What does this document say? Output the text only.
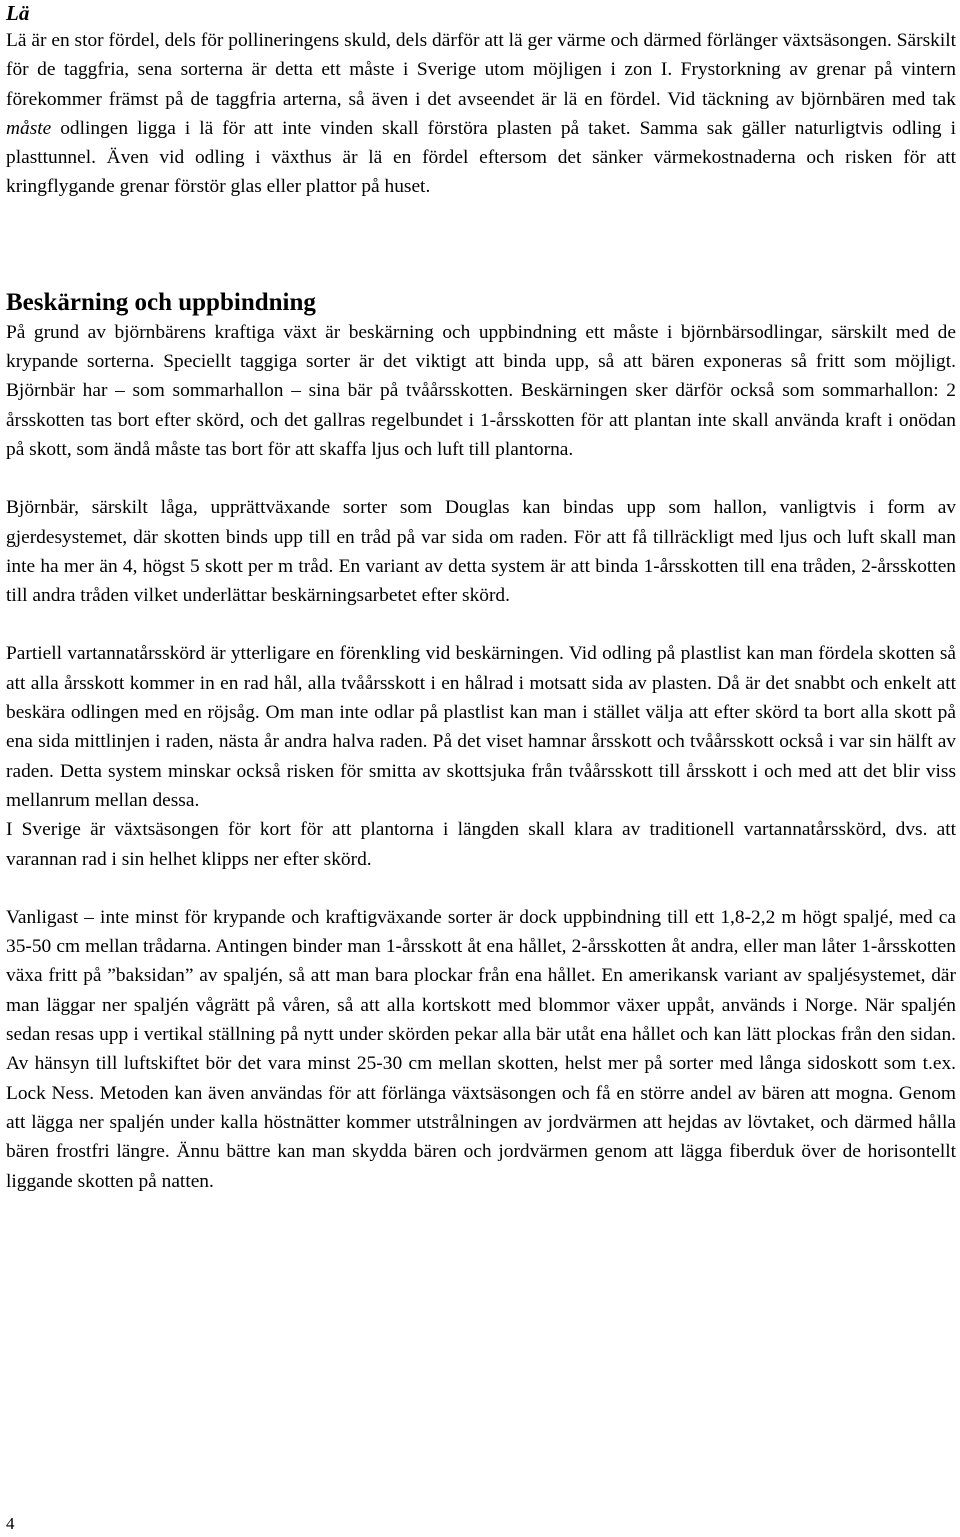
Lä

Lä är en stor fördel, dels för pollineringens skuld, dels därför att lä ger värme och därmed förlänger växtsäsongen. Särskilt för de taggfria, sena sorterna är detta ett måste i Sverige utom möjligen i zon I. Frystorkning av grenar på vintern förekommer främst på de taggfria arterna, så även i det avseendet är lä en fördel. Vid täckning av björnbären med tak måste odlingen ligga i lä för att inte vinden skall förstöra plasten på taket. Samma sak gäller naturligtvis odling i plasttunnel. Även vid odling i växthus är lä en fördel eftersom det sänker värmekostnaderna och risken för att kringflygande grenar förstör glas eller plattor på huset.

Beskärning och uppbindning

På grund av björnbärens kraftiga växt är beskärning och uppbindning ett måste i björnbärsodlingar, särskilt med de krypande sorterna. Speciellt taggiga sorter är det viktigt att binda upp, så att bären exponeras så fritt som möjligt. Björnbär har – som sommarhallon – sina bär på tvåårsskotten. Beskärningen sker därför också som sommarhallon: 2 årsskotten tas bort efter skörd, och det gallras regelbundet i 1-årsskotten för att plantan inte skall använda kraft i onödan på skott, som ändå måste tas bort för att skaffa ljus och luft till plantorna.

Björnbär, särskilt låga, upprättväxande sorter som Douglas kan bindas upp som hallon, vanligtvis i form av gjerdesystemet, där skotten binds upp till en tråd på var sida om raden. För att få tillräckligt med ljus och luft skall man inte ha mer än 4, högst 5 skott per m tråd. En variant av detta system är att binda 1-årsskotten till ena tråden, 2-årsskotten till andra tråden vilket underlättar beskärningsarbetet efter skörd.

Partiell vartannatårsskörd är ytterligare en förenkling vid beskärningen. Vid odling på plastlist kan man fördela skotten så att alla årsskott kommer in en rad hål, alla tvåårsskott i en hålrad i motsatt sida av plasten. Då är det snabbt och enkelt att beskära odlingen med en röjsåg. Om man inte odlar på plastlist kan man i stället välja att efter skörd ta bort alla skott på ena sida mittlinjen i raden, nästa år andra halva raden. På det viset hamnar årsskott och tvåårsskott också i var sin hälft av raden. Detta system minskar också risken för smitta av skottsjuka från tvåårsskott till årsskott i och med att det blir viss mellanrum mellan dessa.

I Sverige är växtsäsongen för kort för att plantorna i längden skall klara av traditionell vartannatårsskörd, dvs. att varannan rad i sin helhet klipps ner efter skörd.

Vanligast – inte minst för krypande och kraftigväxande sorter är dock uppbindning till ett 1,8-2,2 m högt spaljé, med ca 35-50 cm mellan trådarna. Antingen binder man 1-årsskott åt ena hållet, 2-årsskotten åt andra, eller man låter 1-årsskotten växa fritt på ”baksidan” av spaljén, så att man bara plockar från ena hållet. En amerikansk variant av spaljésystemet, där man läggar ner spaljén vågrätt på våren, så att alla kortskott med blommor växer uppåt, används i Norge. När spaljén sedan resas upp i vertikal ställning på nytt under skörden pekar alla bär utåt ena hållet och kan lätt plockas från den sidan. Av hänsyn till luftskiftet bör det vara minst 25-30 cm mellan skotten, helst mer på sorter med långa sidoskott som t.ex. Lock Ness. Metoden kan även användas för att förlänga växtsäsongen och få en större andel av bären att mogna. Genom att lägga ner spaljén under kalla höstnätter kommer utstrålningen av jordvärmen att hejdas av lövtaket, och därmed hålla bären frostfri längre. Ännu bättre kan man skydda bären och jordvärmen genom att lägga fiberduk över de horisontellt liggande skotten på natten.

4
